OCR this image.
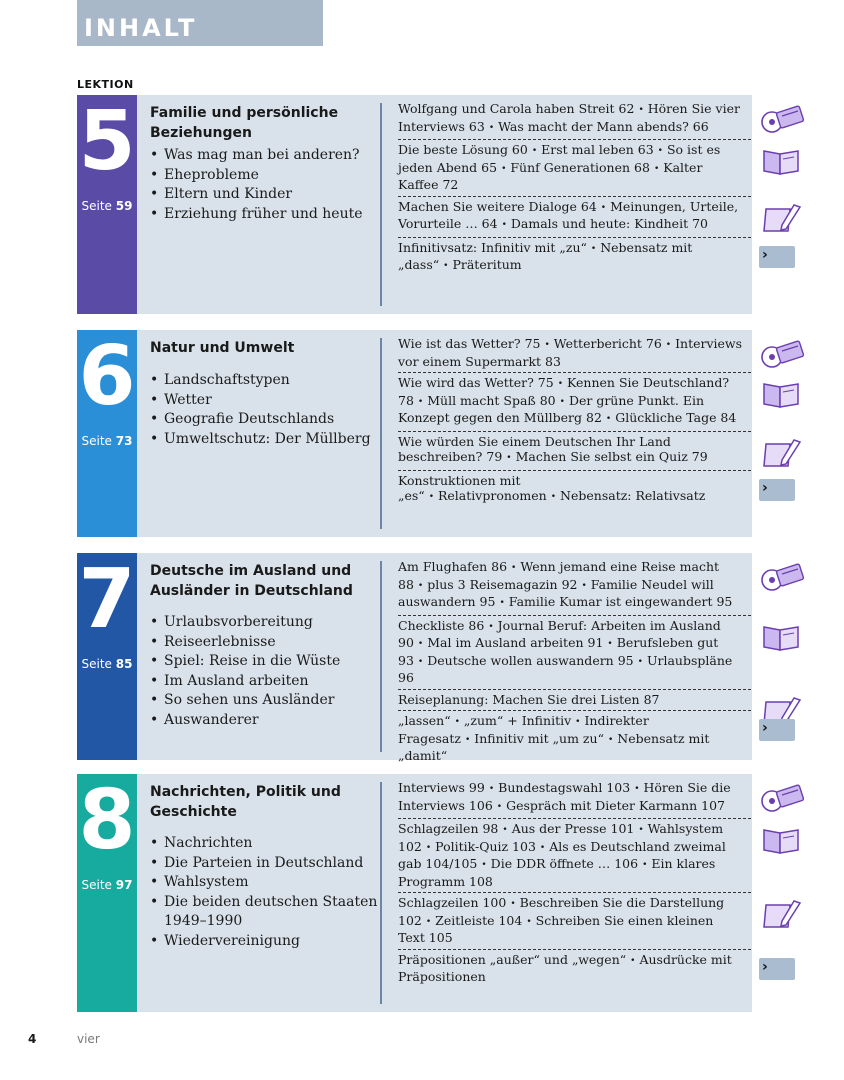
INHALT
LEKTION
5
Seite 59
Familie und persönliche Beziehungen
• Was mag man bei anderen?
• Eheprobleme
• Eltern und Kinder
• Erziehung früher und heute
Wolfgang und Carola haben Streit 62 • Hören Sie vier Interviews 63 • Was macht der Mann abends? 66
Die beste Lösung 60 • Erst mal leben 63 • So ist es jeden Abend 65 • Fünf Generationen 68 • Kalter Kaffee 72
Machen Sie weitere Dialoge 64 • Meinungen, Urteile, Vorurteile … 64 • Damals und heute: Kindheit 70
Infinitivsatz: Infinitiv mit „zu“ • Nebensatz mit „dass“ • Präteritum
›
6
Seite 73
Natur und Umwelt
• Landschaftstypen
• Wetter
• Geografie Deutschlands
• Umweltschutz: Der Müllberg
Wie ist das Wetter? 75 • Wetterbericht 76 • Interviews vor einem Supermarkt 83
Wie wird das Wetter? 75 • Kennen Sie Deutschland? 78 • Müll macht Spaß 80 • Der grüne Punkt. Ein Konzept gegen den Müllberg 82 • Glückliche Tage 84
Wie würden Sie einem Deutschen Ihr Land beschreiben? 79 • Machen Sie selbst ein Quiz 79
Konstruktionen mit „es“ • Relativpronomen • Nebensatz: Relativsatz	›
7
Seite 85
Deutsche im Ausland und Ausländer in Deutschland
• Urlaubsvorbereitung
• Reiseerlebnisse
• Spiel: Reise in die Wüste
• Im Ausland arbeiten
• So sehen uns Ausländer
• Auswanderer
Am Flughafen 86 • Wenn jemand eine Reise macht 88 • plus 3 Reisemagazin 92 • Familie Neudel will auswandern 95 • Familie Kumar ist eingewandert 95
Checkliste 86 • Journal Beruf: Arbeiten im Ausland 90 • Mal im Ausland arbeiten 91 • Berufsleben gut 93 • Deutsche wollen auswandern 95 • Urlaubspläne 96
Reiseplanung: Machen Sie drei Listen 87
„lassen“ • „zum“ + Infinitiv • Indirekter Fragesatz • Infinitiv mit „um zu“ • Nebensatz mit „damit“
›
8
Seite 97
Nachrichten, Politik und Geschichte
• Nachrichten
• Die Parteien in Deutschland
• Wahlsystem
• Die beiden deutschen Staaten 1949–1990
• Wiedervereinigung
Interviews 99 • Bundestagswahl 103 • Hören Sie die Interviews 106 • Gespräch mit Dieter Karmann 107
Schlagzeilen 98 • Aus der Presse 101 • Wahlsystem 102 • Politik-Quiz 103 • Als es Deutschland zweimal gab 104/105 • Die DDR öffnete … 106 • Ein klares Programm 108
Schlagzeilen 100 • Beschreiben Sie die Darstellung 102 • Zeitleiste 104 • Schreiben Sie einen kleinen Text 105
Präpositionen „außer“ und „wegen“ • Ausdrücke mit Präpositionen
›
4	vier
